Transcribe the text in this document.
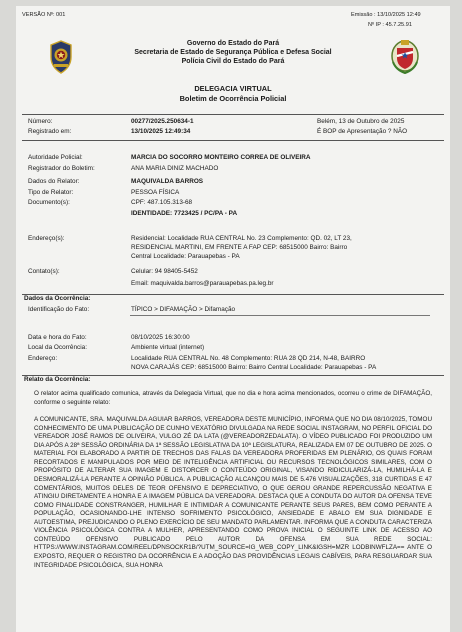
VERSÃO Nº: 001	Emissão : 13/10/2025 12:49
Nº IP : 45.7.25.91
Governo do Estado do Pará
Secretaria de Estado de Segurança Pública e Defesa Social
Polícia Civil do Estado do Pará
DELEGACIA VIRTUAL
Boletim de Ocorrência Policial
Número:	00277/2025.250634-1	Belém, 13 de Outubro de 2025
Registrado em:	13/10/2025 12:49:34	É BOP de Apresentação ? NÃO
Autoridade Policial:	MARCIA DO SOCORRO MONTEIRO CORREA DE OLIVEIRA
Registrador do Boletim:	ANA MARIA DINIZ MACHADO
Dados do Relator:	MAQUIVALDA BARROS
Tipo de Relator:	PESSOA FÍSICA
Documento(s):	CPF: 487.105.313-68
IDENTIDADE: 7723425 / PC/PA - PA
Endereço(s):	Residencial: Localidade RUA CENTRAL No. 23 Complemento: QD. 02, LT 23,
RESIDENCIAL MARTINI, EM FRENTE A FAP CEP: 68515000 Bairro: Bairro
Central Localidade: Parauapebas - PA
Contato(s):	Celular: 94 98405-5452
Email: maquivalda.barros@parauapebas.pa.leg.br
Dados da Ocorrência:
Identificação do Fato:	TÍPICO > DIFAMAÇÃO > Difamação
Data e hora do Fato:	08/10/2025 16:30:00
Local da Ocorrência:	Ambiente virtual (internet)
Endereço:	Localidade RUA CENTRAL No. 48 Complemento: RUA 28 QD 214, N-48, BAIRRO
NOVA CARAJÁS CEP: 68515000 Bairro: Bairro Central Localidade: Parauapebas - PA
Relato da Ocorrência:
O relator acima qualificado comunica, através da Delegacia Virtual, que no dia e hora acima mencionados, ocorreu o crime de DIFAMAÇÃO, conforme o seguinte relato:
A COMUNICANTE, SRA. MAQUIVALDA AGUIAR BARROS, VEREADORA DESTE MUNICÍPIO, INFORMA QUE NO DIA 08/10/2025, TOMOU CONHECIMENTO DE UMA PUBLICAÇÃO DE CUNHO VEXATÓRIO DIVULGADA NA REDE SOCIAL INSTAGRAM, NO PERFIL OFICIAL DO VEREADOR JOSÉ RAMOS DE OLIVEIRA, VULGO ZÉ DA LATA (@VEREADORZEDALATA). O VÍDEO PUBLICADO FOI PRODUZIDO UM DIA APÓS A 28ª SESSÃO ORDINÁRIA DA 1ª SESSÃO LEGISLATIVA DA 10ª LEGISLATURA, REALIZADA EM 07 DE OUTUBRO DE 2025. O MATERIAL FOI ELABORADO A PARTIR DE TRECHOS DAS FALAS DA VEREADORA PROFERIDAS EM PLENÁRIO, OS QUAIS FORAM RECORTADOS E MANIPULADOS POR MEIO DE INTELIGÊNCIA ARTIFICIAL OU RECURSOS TECNOLÓGICOS SIMILARES, COM O PROPÓSITO DE ALTERAR SUA IMAGEM E DISTORCER O CONTEÚDO ORIGINAL, VISANDO RIDICULARIZÁ-LA, HUMILHÁ-LA E DESMORALIZÁ-LA PERANTE A OPINIÃO PÚBLICA. A PUBLICAÇÃO ALCANÇOU MAIS DE 5.476 VISUALIZAÇÕES, 318 CURTIDAS E 47 COMENTÁRIOS, MUITOS DELES DE TEOR OFENSIVO E DEPRECIATIVO, O QUE GEROU GRANDE REPERCUSSÃO NEGATIVA E ATINGIU DIRETAMENTE A HONRA E A IMAGEM PÚBLICA DA VEREADORA. DESTACA QUE A CONDUTA DO AUTOR DA OFENSA TEVE COMO FINALIDADE CONSTRANGER, HUMILHAR E INTIMIDAR A COMUNICANTE PERANTE SEUS PARES, BEM COMO PERANTE A POPULAÇÃO, OCASIONANDO-LHE INTENSO SOFRIMENTO PSICOLÓGICO, ANSIEDADE E ABALO EM SUA DIGNIDADE E AUTOESTIMA, PREJUDICANDO O PLENO EXERCÍCIO DE SEU MANDATO PARLAMENTAR. INFORMA QUE A CONDUTA CARACTERIZA VIOLÊNCIA PSICOLÓGICA CONTRA A MULHER, APRESENTANDO COMO PROVA INICIAL O SEGUINTE LINK DE ACESSO AO CONTEÚDO OFENSIVO PUBLICADO PELO AUTOR DA OFENSA EM SUA REDE SOCIAL: HTTPS://WWW.INSTAGRAM.COM/REEL/DPNSOCKR1B/?UTM_SOURCE=IG_WEB_COPY_LINK&IGSH=MZR LODBINWFLZA== ANTE O EXPOSTO, REQUER O REGISTRO DA OCORRÊNCIA E A ADOÇÃO DAS PROVIDÊNCIAS LEGAIS CABÍVEIS, PARA RESGUARDAR SUA INTEGRIDADE PSICOLÓGICA, SUA HONRA
